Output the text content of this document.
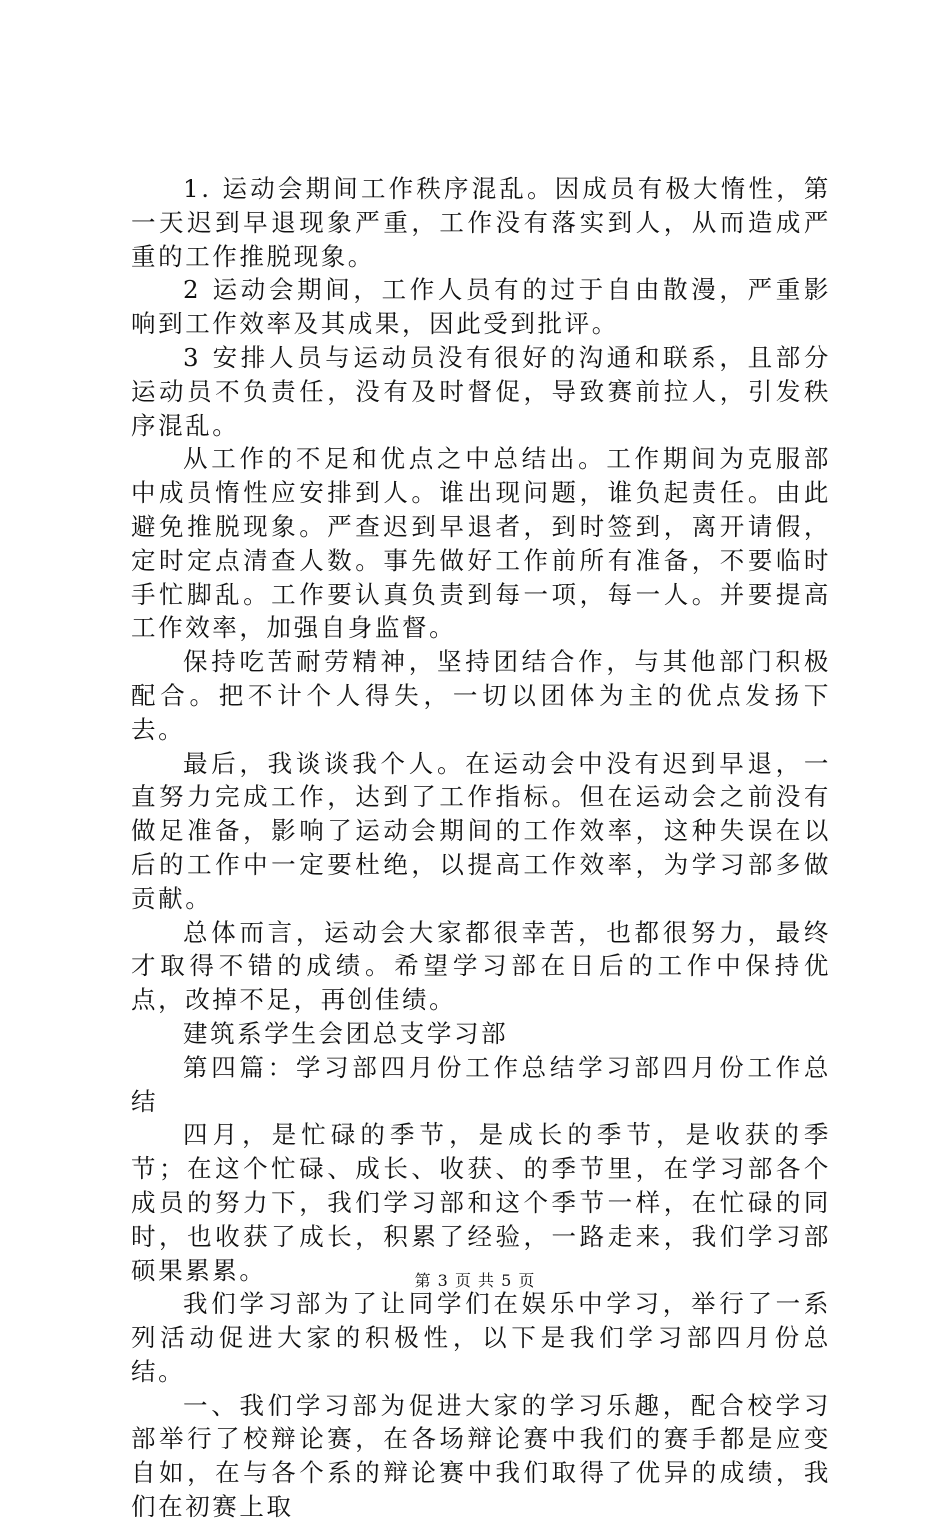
1. 运动会期间工作秩序混乱。因成员有极大惰性，第一天迟到早退现象严重，工作没有落实到人，从而造成严重的工作推脱现象。

2 运动会期间，工作人员有的过于自由散漫，严重影响到工作效率及其成果，因此受到批评。

3 安排人员与运动员没有很好的沟通和联系，且部分运动员不负责任，没有及时督促，导致赛前拉人，引发秩序混乱。

从工作的不足和优点之中总结出。工作期间为克服部中成员惰性应安排到人。谁出现问题，谁负起责任。由此避免推脱现象。严查迟到早退者，到时签到，离开请假，定时定点清查人数。事先做好工作前所有准备，不要临时手忙脚乱。工作要认真负责到每一项，每一人。并要提高工作效率，加强自身监督。

保持吃苦耐劳精神，坚持团结合作，与其他部门积极配合。把不计个人得失，一切以团体为主的优点发扬下去。

最后，我谈谈我个人。在运动会中没有迟到早退，一直努力完成工作，达到了工作指标。但在运动会之前没有做足准备，影响了运动会期间的工作效率，这种失误在以后的工作中一定要杜绝，以提高工作效率，为学习部多做贡献。

总体而言，运动会大家都很幸苦，也都很努力，最终才取得不错的成绩。希望学习部在日后的工作中保持优点，改掉不足，再创佳绩。

建筑系学生会团总支学习部

第四篇：学习部四月份工作总结学习部四月份工作总结

四月，是忙碌的季节，是成长的季节，是收获的季节；在这个忙碌、成长、收获、的季节里，在学习部各个成员的努力下，我们学习部和这个季节一样，在忙碌的同时，也收获了成长，积累了经验，一路走来，我们学习部硕果累累。

我们学习部为了让同学们在娱乐中学习，举行了一系列活动促进大家的积极性，以下是我们学习部四月份总结。

一、我们学习部为促进大家的学习乐趣，配合校学习部举行了校辩论赛，在各场辩论赛中我们的赛手都是应变自如，在与各个系的辩论赛中我们取得了优异的成绩，我们在初赛上取

第 3 页 共 5 页
